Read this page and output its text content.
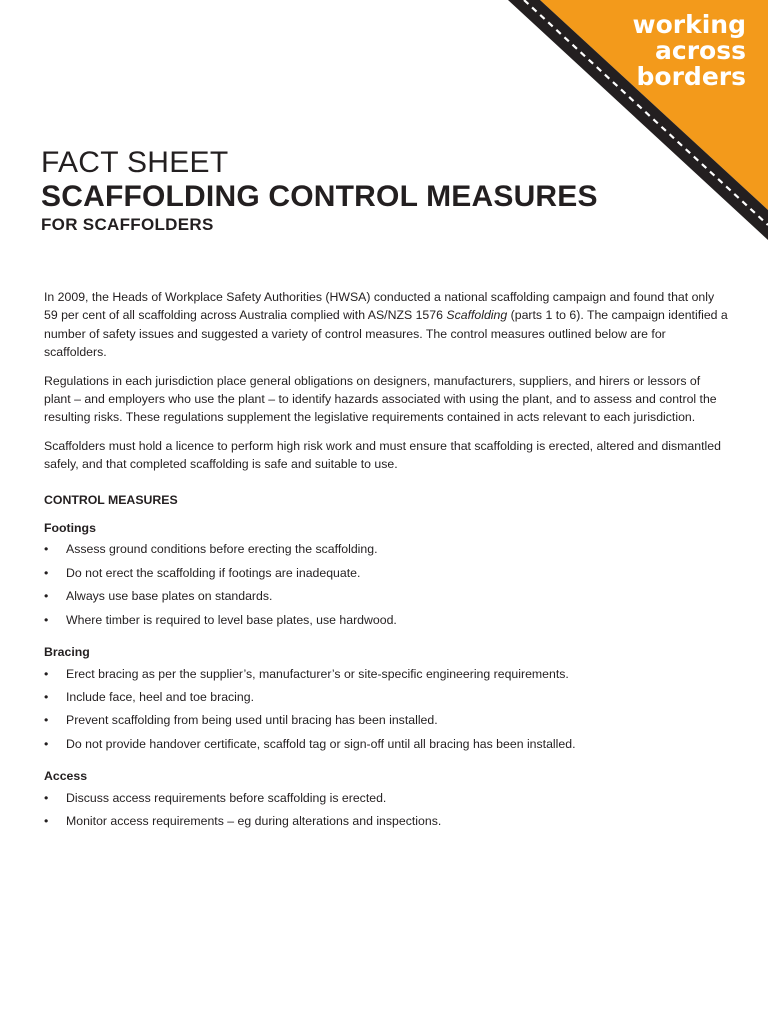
working
across
borders
FACT SHEET
SCAFFOLDING CONTROL MEASURES
FOR SCAFFOLDERS

In 2009, the Heads of Workplace Safety Authorities (HWSA) conducted a national scaffolding campaign and found that only 59 per cent of all scaffolding across Australia complied with AS/NZS 1576 Scaffolding (parts 1 to 6). The campaign identified a number of safety issues and suggested a variety of control measures. The control measures outlined below are for scaffolders.

Regulations in each jurisdiction place general obligations on designers, manufacturers, suppliers, and hirers or lessors of plant – and employers who use the plant – to identify hazards associated with using the plant, and to assess and control the resulting risks. These regulations supplement the legislative requirements contained in acts relevant to each jurisdiction.

Scaffolders must hold a licence to perform high risk work and must ensure that scaffolding is erected, altered and dismantled safely, and that completed scaffolding is safe and suitable to use.

CONTROL MEASURES
Footings
• Assess ground conditions before erecting the scaffolding.
• Do not erect the scaffolding if footings are inadequate.
• Always use base plates on standards.
• Where timber is required to level base plates, use hardwood.
Bracing
• Erect bracing as per the supplier’s, manufacturer’s or site-specific engineering requirements.
• Include face, heel and toe bracing.
• Prevent scaffolding from being used until bracing has been installed.
• Do not provide handover certificate, scaffold tag or sign-off until all bracing has been installed.
Access
• Discuss access requirements before scaffolding is erected.
• Monitor access requirements – eg during alterations and inspections.
